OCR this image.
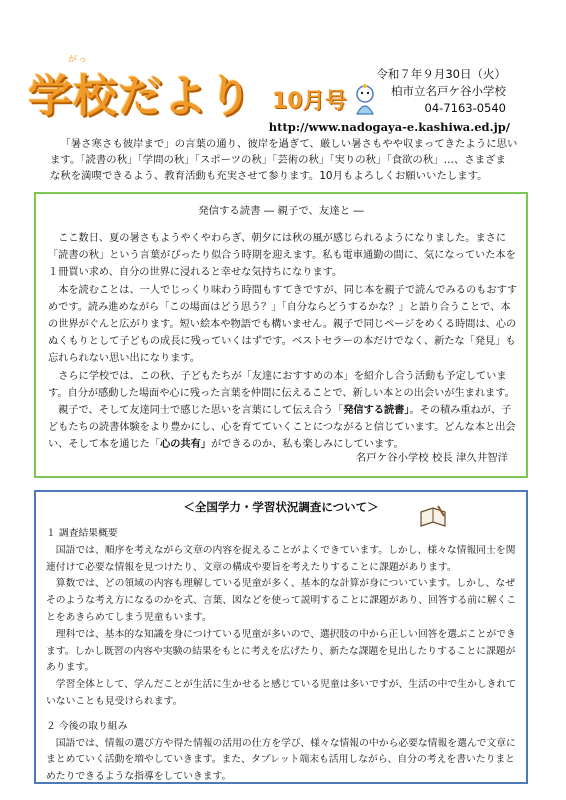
がっ
学校だより 10月号
令和７年９月30日（火）
柏市立名戸ケ谷小学校
04-7163-0540
http://www.nadogaya-e.kashiwa.ed.jp/

「暑さ寒さも彼岸まで」の言葉の通り、彼岸を過ぎて、厳しい暑さもやや収まってきたように思い

ます。「読書の秋」「学問の秋」「スポーツの秋」「芸術の秋」「実りの秋」「食欲の秋」…、さまざま

な秋を満喫できるよう、教育活動も充実させて参ります。10月もよろしくお願いいたします。

発信する読書 ― 親子で、友達と ―

ここ数日、夏の暑さもようやくやわらぎ、朝夕には秋の風が感じられるようになりました。まさに「読書の秋」という言葉がぴったり似合う時期を迎えます。私も電車通勤の間に、気になっていた本を１冊買い求め、自分の世界に浸れると幸せな気持ちになります。

本を読むことは、一人でじっくり味わう時間もすてきですが、同じ本を親子で読んでみるのもおすすめです。読み進めながら「この場面はどう思う？」「自分ならどうするかな？」と語り合うことで、本の世界がぐんと広がります。短い絵本や物語でも構いません。親子で同じページをめくる時間は、心のぬくもりとして子どもの成長に残っていくはずです。ベストセラーの本だけでなく、新たな「発見」も忘れられない思い出になります。

さらに学校では、この秋、子どもたちが「友達におすすめの本」を紹介し合う活動も予定しています。自分が感動した場面や心に残った言葉を仲間に伝えることで、新しい本との出会いが生まれます。

親子で、そして友達同士で感じた思いを言葉にして伝え合う「発信する読書」。その積み重ねが、子どもたちの読書体験をより豊かにし、心を育てていくことにつながると信じています。どんな本と出会い、そして本を通じた「心の共有」ができるのか、私も楽しみにしています。

名戸ケ谷小学校 校長 津久井智洋
＜全国学力・学習状況調査について＞

１ 調査結果概要

国語では、順序を考えながら文章の内容を捉えることがよくできています。しかし、様々な情報同士を関連付けて必要な情報を見つけたり、文章の構成や要旨を考えたりすることに課題があります。

算数では、どの領域の内容も理解している児童が多く、基本的な計算が身についています。しかし、なぜそのような考え方になるのかを式、言葉、図などを使って説明することに課題があり、回答する前に解くことをあきらめてしまう児童もいます。

理科では、基本的な知識を身につけている児童が多いので、選択肢の中から正しい回答を選ぶことができます。しかし既習の内容や実験の結果をもとに考えを広げたり、新たな課題を見出したりすることに課題があります。

学習全体として、学んだことが生活に生かせると感じている児童は多いですが、生活の中で生かしきれていないことも見受けられます。

２ 今後の取り組み

国語では、情報の選び方や得た情報の活用の仕方を学び、様々な情報の中から必要な情報を選んで文章にまとめていく活動を増やしていきます。また、タブレット端末も活用しながら、自分の考えを書いたりまとめたりできるような指導をしていきます。
